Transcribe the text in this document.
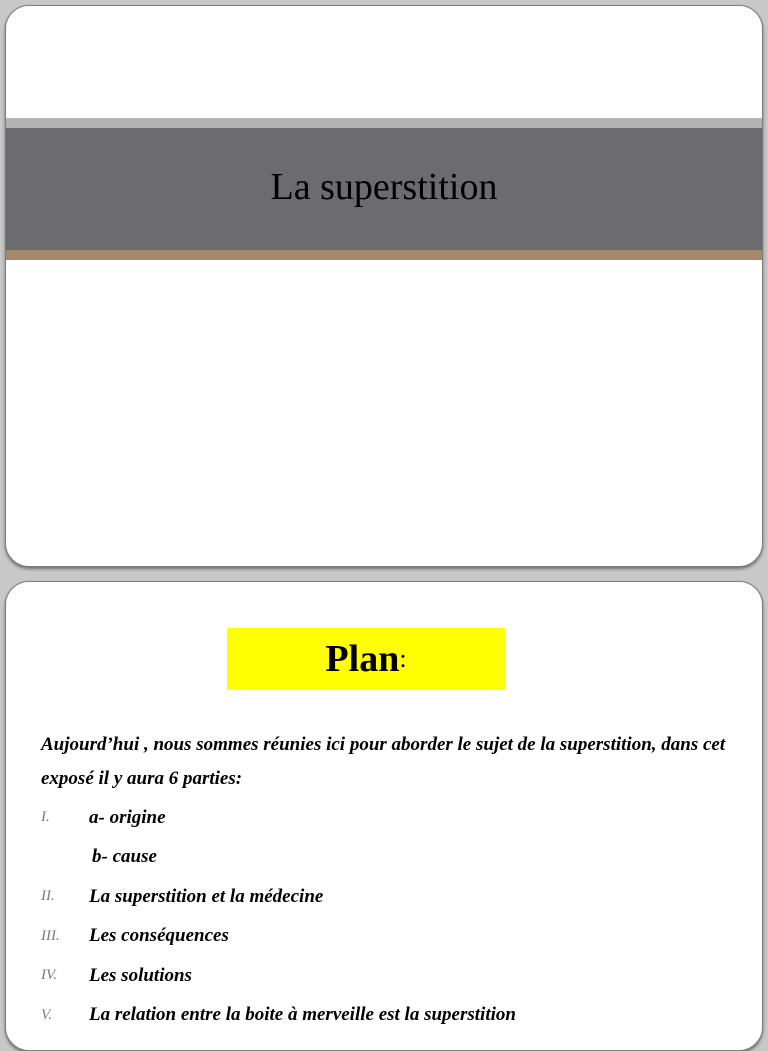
La superstition
Plan :

Aujourd’hui , nous sommes réunies ici pour aborder le sujet de la superstition, dans cet exposé il y aura 6 parties:

I.	a- origine
b- cause
II.	La superstition et la médecine
III.	Les conséquences
IV.	Les solutions
V.	La relation entre la boite à merveille est la superstition
